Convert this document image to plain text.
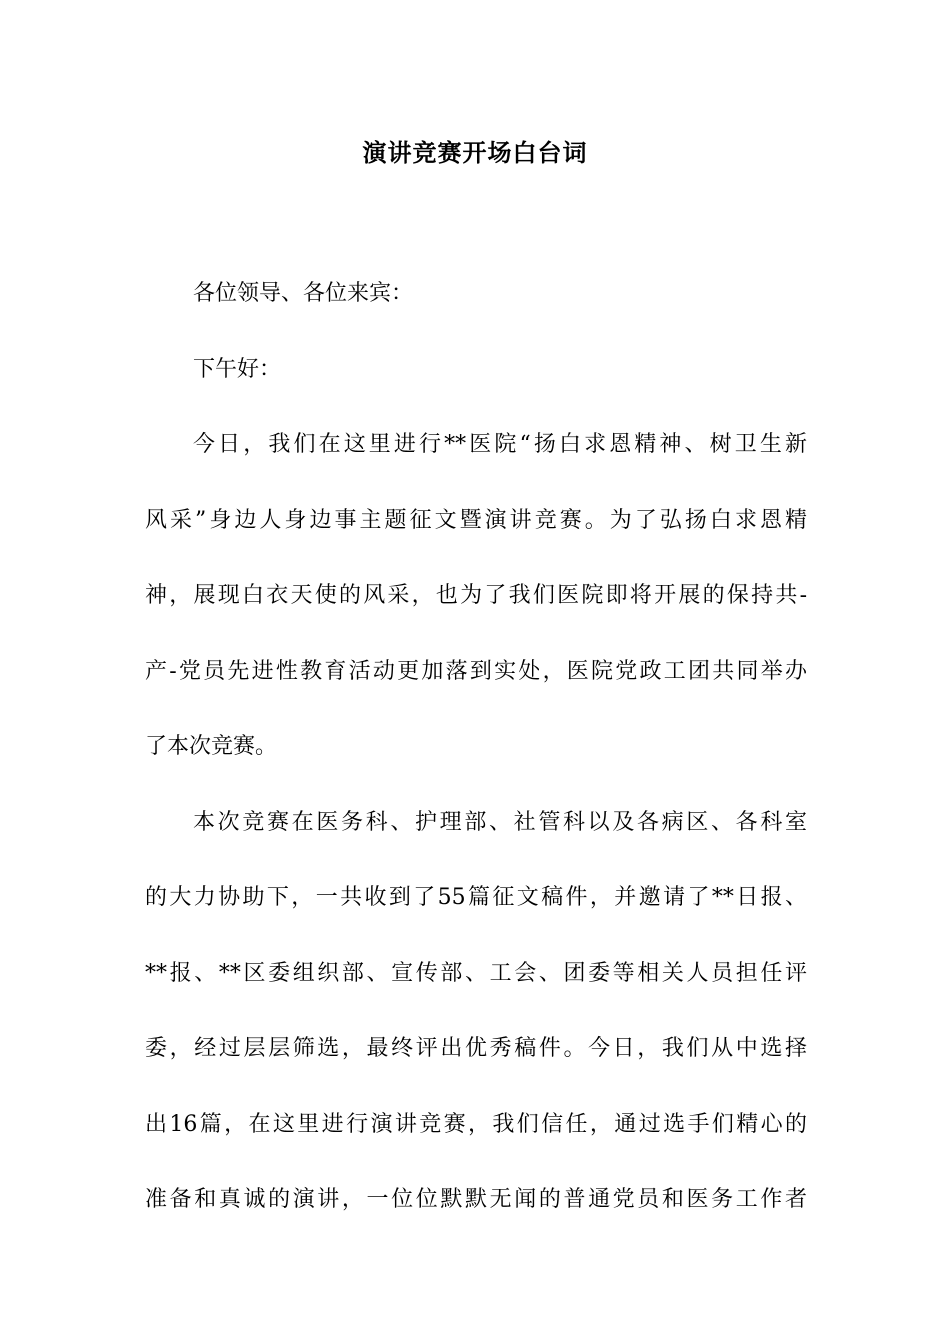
演讲竞赛开场白台词

各位领导、各位来宾：

下午好：

今日，我们在这里进行**医院“扬白求恩精神、树卫生新
风采”身边人身边事主题征文暨演讲竞赛。为了弘扬白求恩精
神，展现白衣天使的风采，也为了我们医院即将开展的保持共-
产-党员先进性教育活动更加落到实处，医院党政工团共同举办
了本次竞赛。

本次竞赛在医务科、护理部、社管科以及各病区、各科室
的大力协助下，一共收到了55篇征文稿件，并邀请了**日报、
**报、**区委组织部、宣传部、工会、团委等相关人员担任评
委，经过层层筛选，最终评出优秀稿件。今日，我们从中选择
出16篇，在这里进行演讲竞赛，我们信任，通过选手们精心的
准备和真诚的演讲，一位位默默无闻的普通党员和医务工作者
